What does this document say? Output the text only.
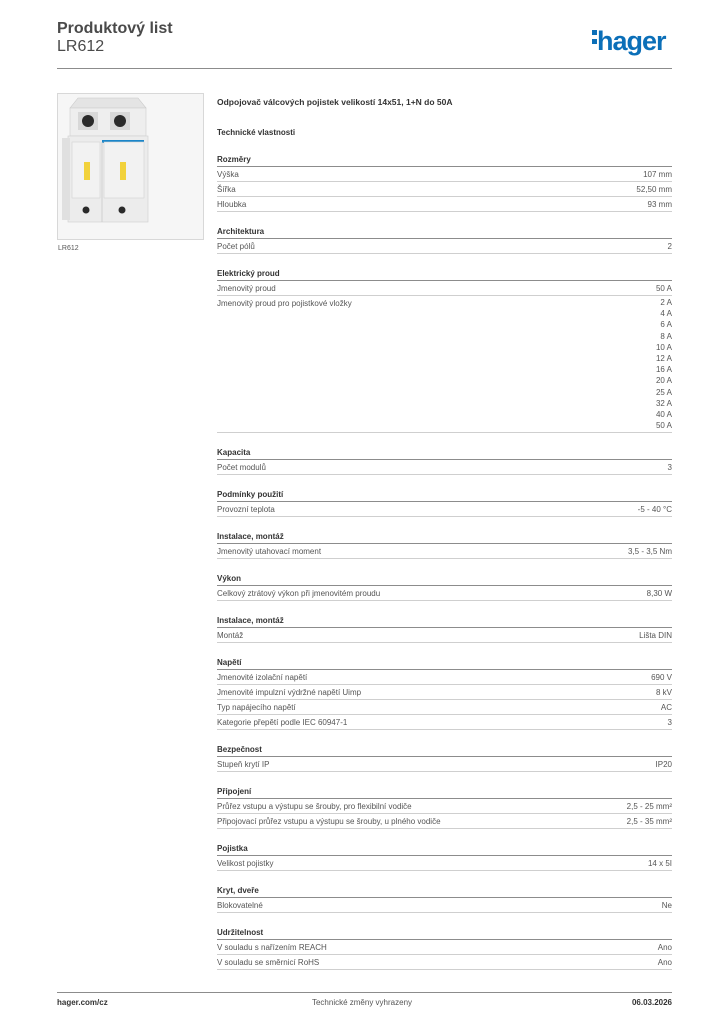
Produktový list
LR612	hager
LR612
Odpojovač válcových pojistek velikostí 14x51, 1+N do 50A
Technické vlastnosti
Rozměry
Výška	107 mm
Šířka	52,50 mm
Hloubka	93 mm
Architektura
Počet pólů	2
Elektrický proud
Jmenovitý proud	50 A
Jmenovitý proud pro pojistkové vložky	2 A
4 A
6 A
8 A
10 A
12 A
16 A
20 A
25 A
32 A
40 A
50 A
Kapacita
Počet modulů	3
Podmínky použití
Provozní teplota	-5 - 40 °C
Instalace, montáž
Jmenovitý utahovací moment	3,5 - 3,5 Nm
Výkon
Celkový ztrátový výkon při jmenovitém proudu	8,30 W
Instalace, montáž
Montáž	Lišta DIN
Napětí
Jmenovité izolační napětí	690 V
Jmenovité impulzní výdržné napětí Uimp	8 kV
Typ napájecího napětí	AC
Kategorie přepětí podle IEC 60947-1	3
Bezpečnost
Stupeň krytí IP	IP20
Připojení
Průřez vstupu a výstupu se šrouby, pro flexibilní vodiče	2,5 - 25 mm²
Připojovací průřez vstupu a výstupu se šrouby, u plného vodiče	2,5 - 35 mm²
Pojistka
Velikost pojistky	14 x 5I
Kryt, dveře
Blokovatelné	Ne
Udržitelnost
V souladu s nařízením REACH	Ano
V souladu se směrnicí RoHS	Ano
hager.com/cz	Technické změny vyhrazeny	06.03.2026
